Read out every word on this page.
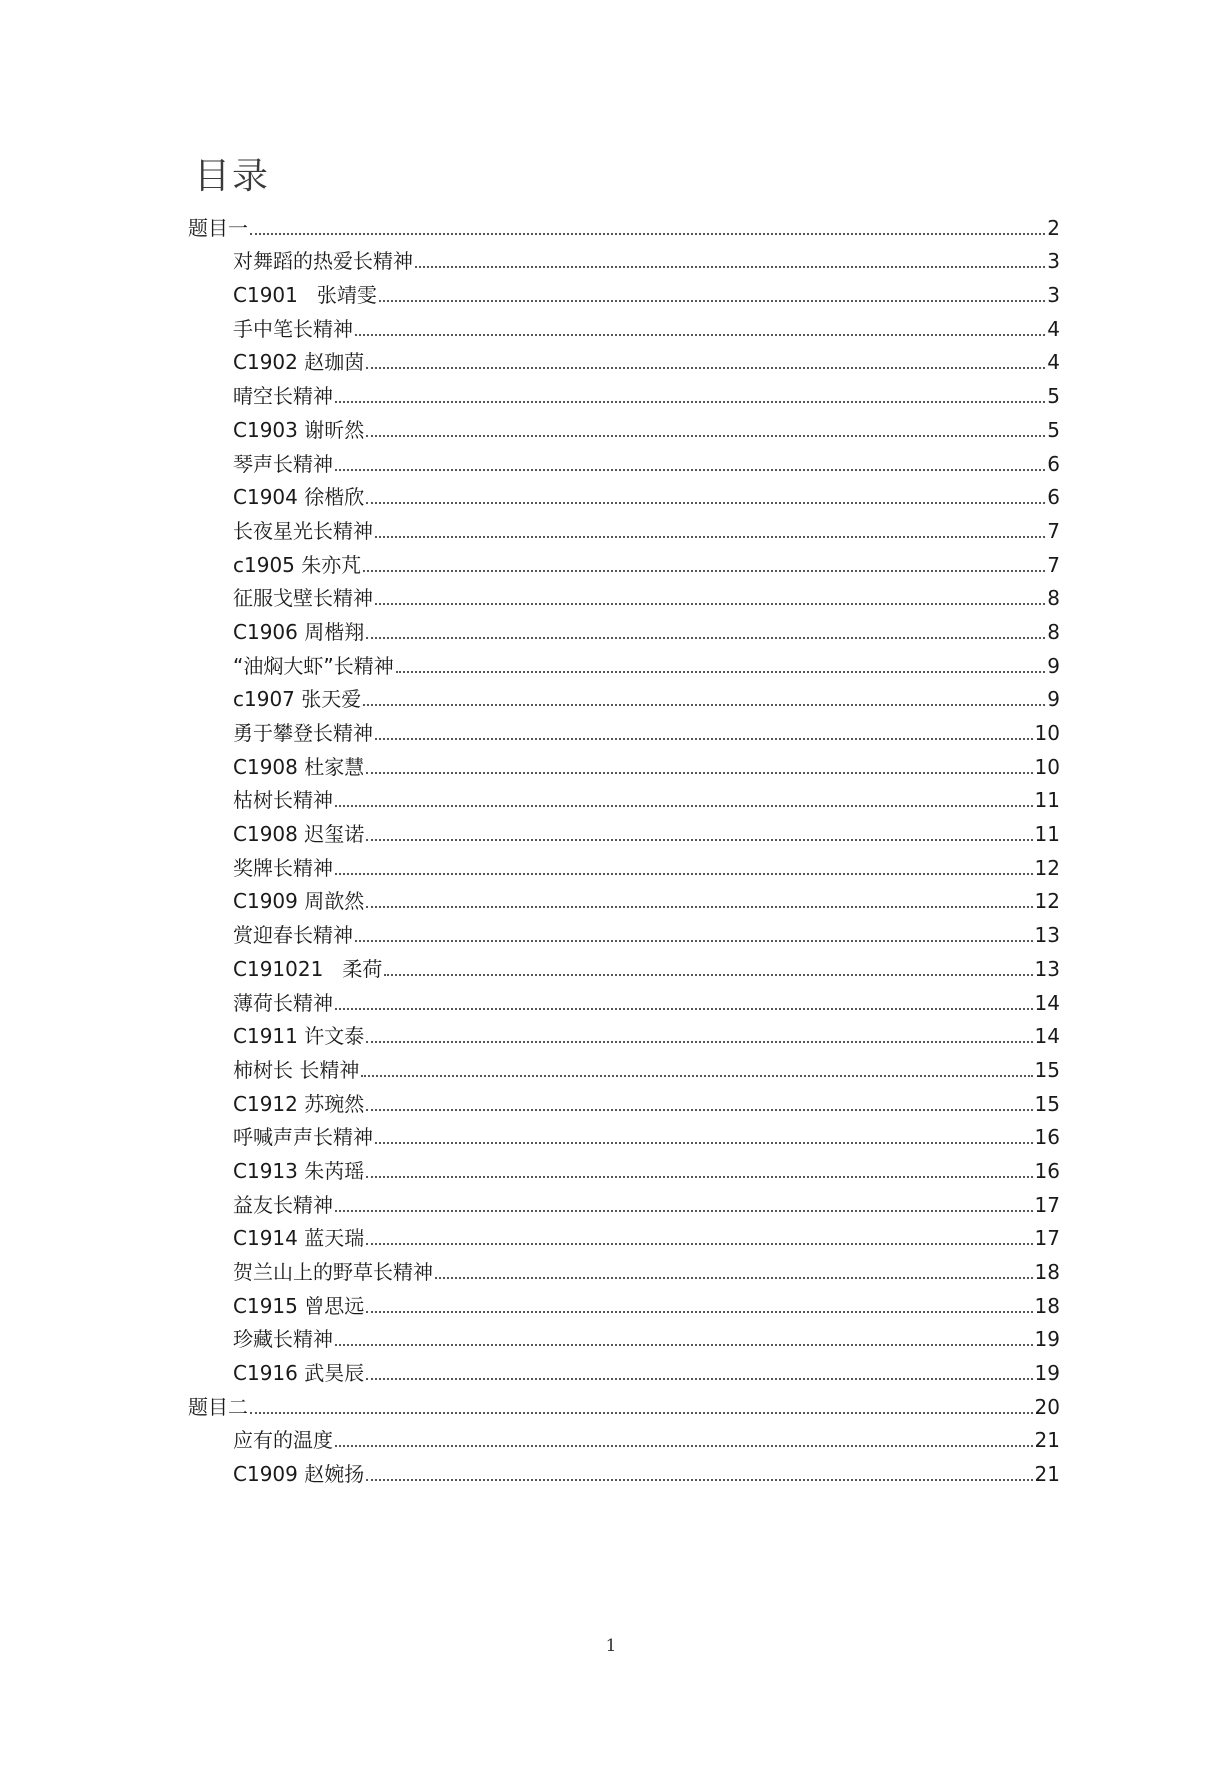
目录
题目一	2
对舞蹈的热爱长精神	3
C1901   张靖雯	3
手中笔长精神	4
C1902 赵珈茵	4
晴空长精神	5
C1903 谢昕然	5
琴声长精神	6
C1904 徐楷欣	6
长夜星光长精神	7
c1905 朱亦芃	7
征服戈壁长精神	8
C1906 周楷翔	8
“油焖大虾”长精神	9
c1907 张天爱	9
勇于攀登长精神	10
C1908 杜家慧	10
枯树长精神	11
C1908 迟玺诺	11
奖牌长精神	12
C1909 周歆然	12
赏迎春长精神	13
C191021   柔荷	13
薄荷长精神	14
C1911 许文泰	14
柿树长 长精神	15
C1912 苏琬然	15
呼喊声声长精神	16
C1913 朱芮瑶	16
益友长精神	17
C1914 蓝天瑞	17
贺兰山上的野草长精神	18
C1915 曾思远	18
珍藏长精神	19
C1916 武昊辰	19
题目二	20
应有的温度	21
C1909 赵婉扬	21
1
